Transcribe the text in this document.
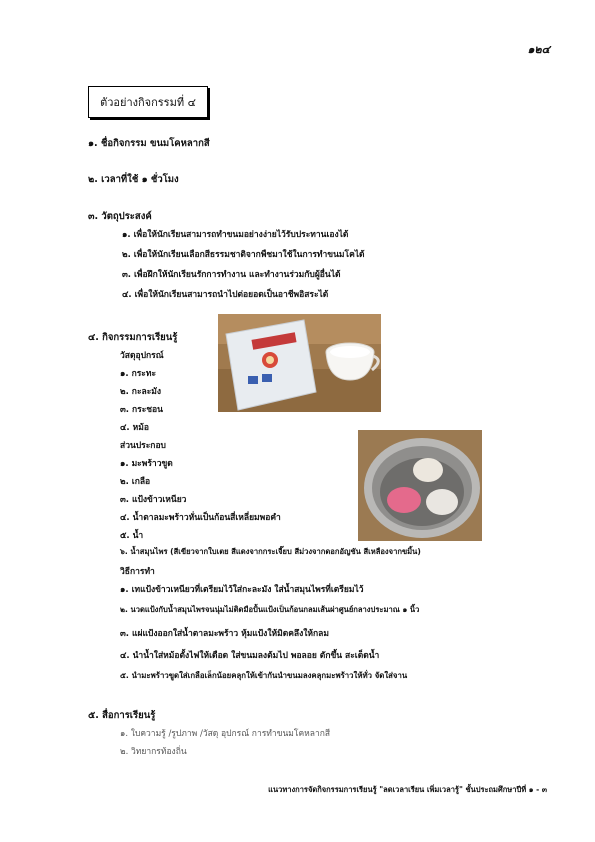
๑๒๔
ตัวอย่างกิจกรรมที่ ๔
๑. ชื่อกิจกรรม ขนมโคหลากสี
๒. เวลาที่ใช้ ๑ ชั่วโมง
๓. วัตถุประสงค์
๑. เพื่อให้นักเรียนสามารถทำขนมอย่างง่ายไว้รับประทานเองได้
๒. เพื่อให้นักเรียนเลือกสีธรรมชาติจากพืชมาใช้ในการทำขนมโคได้
๓. เพื่อฝึกให้นักเรียนรักการทำงาน และทำงานร่วมกับผู้อื่นได้
๔. เพื่อให้นักเรียนสามารถนำไปต่อยอดเป็นอาชีพอิสระได้
๔. กิจกรรมการเรียนรู้
วัสดุอุปกรณ์
๑. กระทะ
๒. กะละมัง
๓. กระชอน
๔. หม้อ
ส่วนประกอบ
๑. มะพร้าวขูด
๒. เกลือ
๓. แป้งข้าวเหนียว
๔. น้ำตาลมะพร้าวหั่นเป็นก้อนสี่เหลี่ยมพอคำ
๕. น้ำ
๖. น้ำสมุนไพร (สีเขียวจากใบเตย สีแดงจากกระเจี๊ยบ สีม่วงจากดอกอัญชัน สีเหลืองจากขมิ้น)
วิธีการทำ
๑. เทแป้งข้าวเหนียวที่เตรียมไว้ใส่กะละมัง ใส่น้ำสมุนไพรที่เตรียมไว้
๒. นวดแป้งกับน้ำสมุนไพรจนนุ่มไม่ติดมือปั้นแป้งเป็นก้อนกลมเส้นผ่าศูนย์กลางประมาณ ๑ นิ้ว
๓. แผ่แป้งออกใส่น้ำตาลมะพร้าว หุ้มแป้งให้มิดคลึงให้กลม
๔. นำน้ำใส่หม้อตั้งไฟให้เดือด ใส่ขนมลงต้มไป พอลอย ตักขึ้น สะเด็ดน้ำ
๕. นำมะพร้าวขูดใส่เกลือเล็กน้อยคลุกให้เข้ากันนำขนมลงคลุกมะพร้าวให้ทั่ว จัดใส่จาน
๕. สื่อการเรียนรู้
๑. ใบความรู้ /รูปภาพ /วัสดุ อุปกรณ์ การทำขนมโคหลากสี
๒. วิทยากรท้องถิ่น
แนวทางการจัดกิจกรรมการเรียนรู้ "ลดเวลาเรียน เพิ่มเวลารู้" ชั้นประถมศึกษาปีที่ ๑ - ๓
